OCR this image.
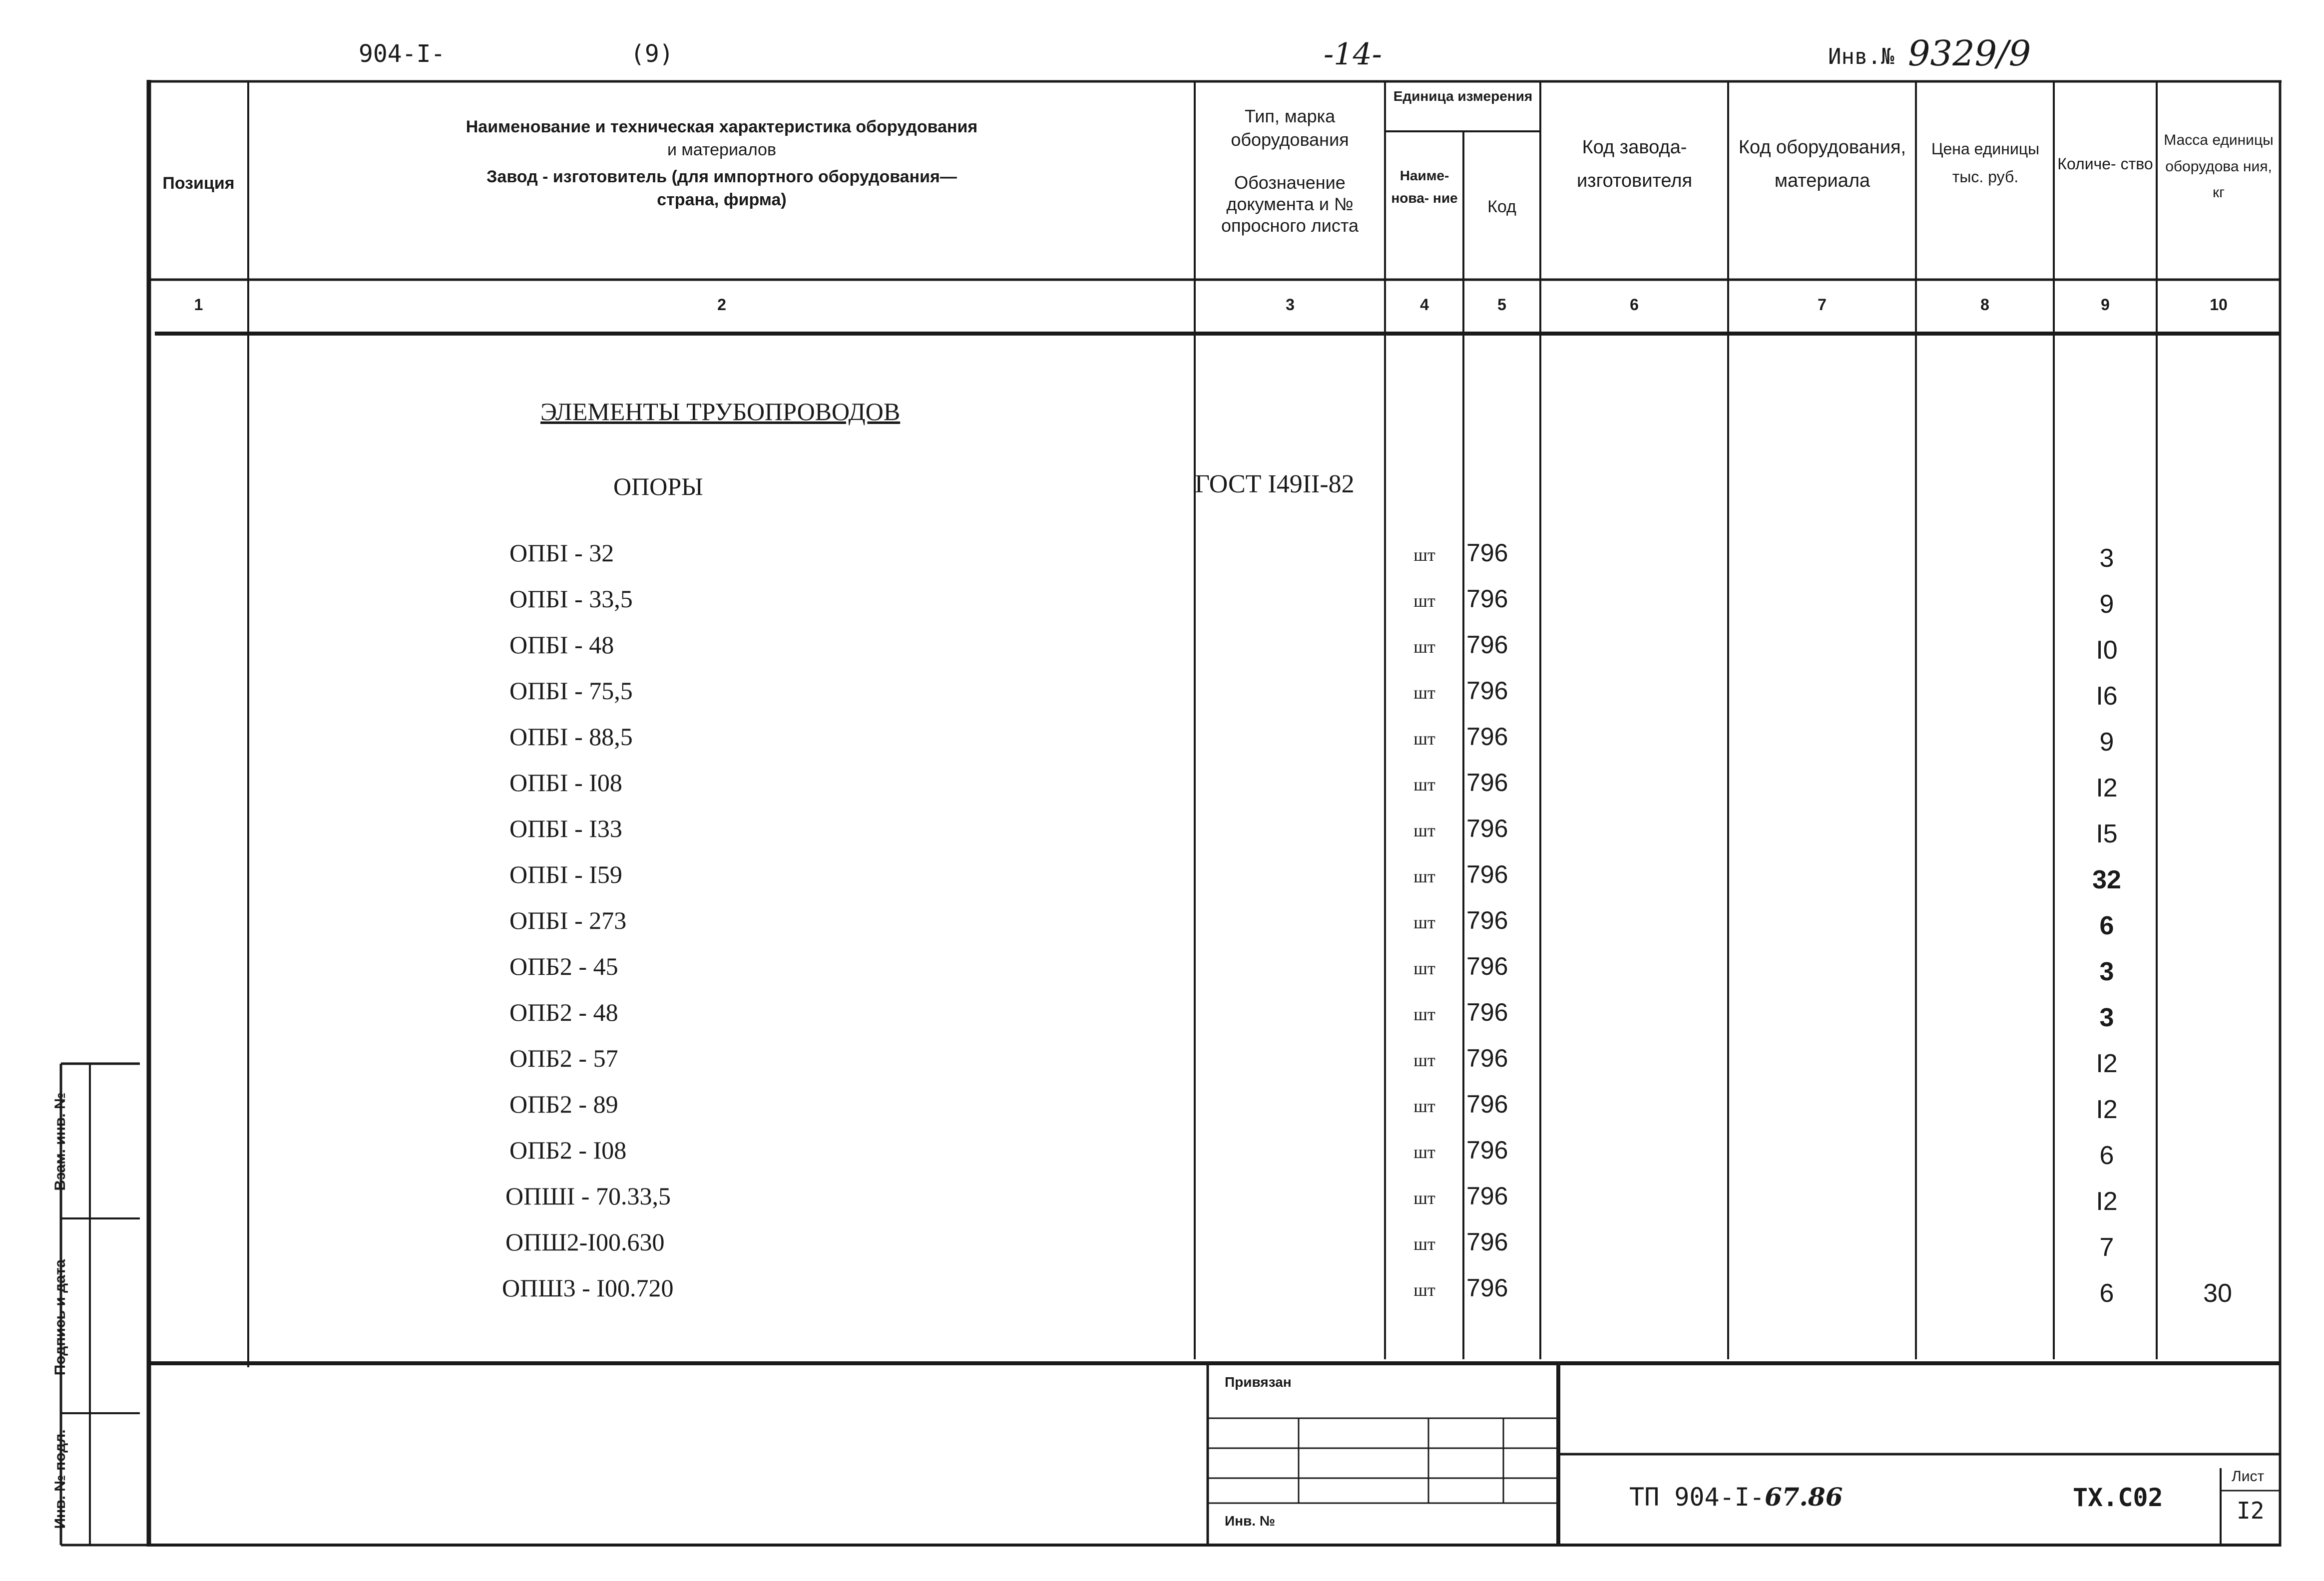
904-I-	(9)	-14-	Инв.№ 9329/9
Позиция
Наименование и техническая характеристика оборудования
и материалов
Завод - изготовитель (для импортного оборудования—
страна, фирма)
Тип, марка оборудования
Обозначение документа и № опросного листа
Единица измерения
Наиме- нова- ние	Код
Код завода- изготовителя
Код оборудования, материала
Цена единицы тыс. руб.
Количе- ство
Масса единицы оборудова ния, кг
1	2	3	4	5	6	7	8	9	10
ЭЛЕМЕНТЫ ТРУБОПРОВОДОВ
ОПОРЫ	ГОСТ I49II-82
ОПБI - 32	шт 796	3
ОПБI - 33,5	шт 796	9
ОПБI - 48	шт 796	I0
ОПБI - 75,5	шт 796	I6
ОПБI - 88,5	шт 796	9
ОПБI - I08	шт 796	I2
ОПБI - I33	шт 796	I5
ОПБI - I59	шт 796	32
ОПБI - 273	шт 796	6
ОПБ2 - 45	шт 796	3
ОПБ2 - 48	шт 796	3
ОПБ2 - 57	шт 796	I2
ОПБ2 - 89	шт 796	I2
ОПБ2 - I08	шт 796	6
ОПШI - 70.33,5	шт 796	I2
ОПШ2-I00.630	шт 796	7
ОПШ3 - I00.720	шт 796	6	30
Взам. инв. №
Подпись и дата
Инв. № подл.
Привязан
Инв. №
ТП 904-I-67.86	ТХ.С02
Лист
I2
